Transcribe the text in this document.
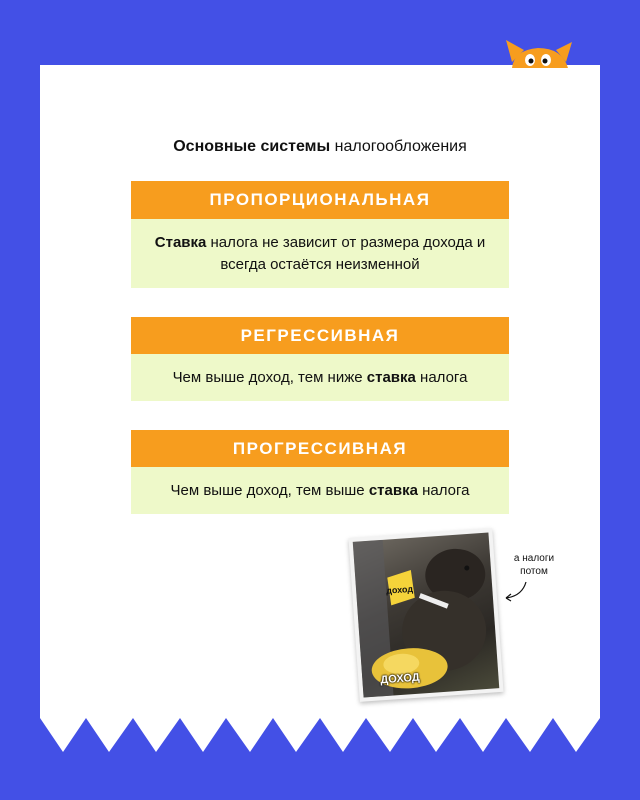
Основные системы налогообложения
ПРОПОРЦИОНАЛЬНАЯ
Ставка налога не зависит от размера дохода и всегда остаётся неизменной
РЕГРЕССИВНАЯ
Чем выше доход, тем ниже ставка налога
ПРОГРЕССИВНАЯ
Чем выше доход, тем выше ставка налога
доход
ДОХОД
а налоги потом
